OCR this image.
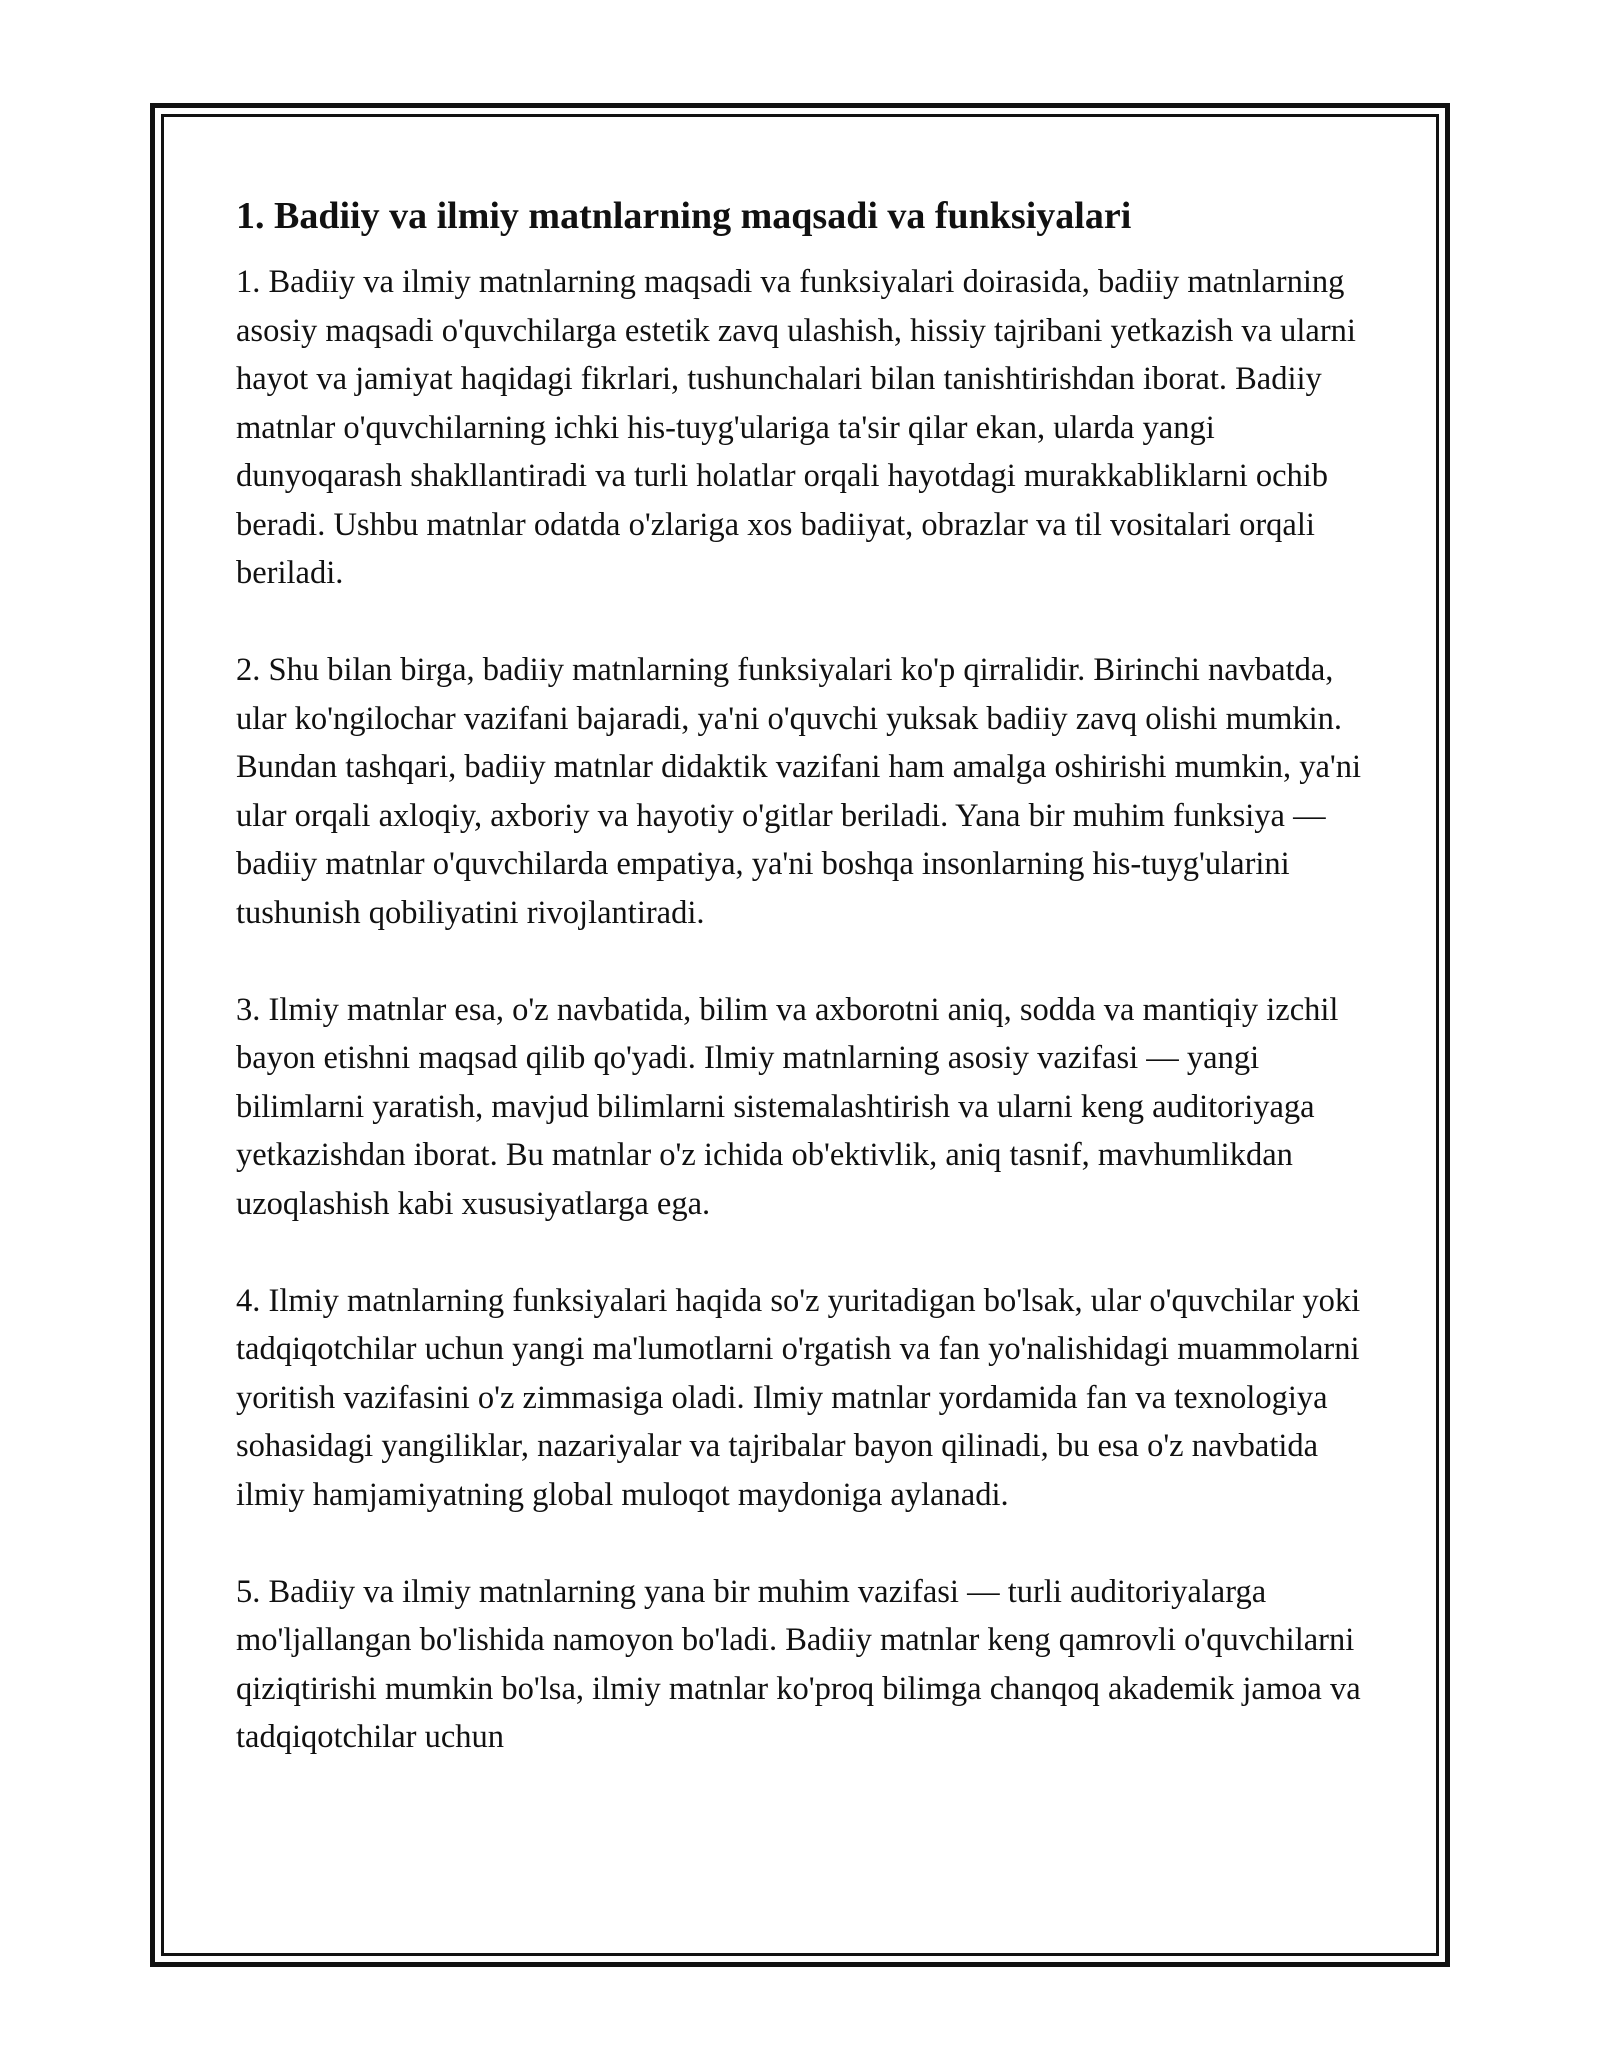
1. Badiiy va ilmiy matnlarning maqsadi va funksiyalari

1. Badiiy va ilmiy matnlarning maqsadi va funksiyalari doirasida, badiiy matnlarning asosiy maqsadi o'quvchilarga estetik zavq ulashish, hissiy tajribani yetkazish va ularni hayot va jamiyat haqidagi fikrlari, tushunchalari bilan tanishtirishdan iborat. Badiiy matnlar o'quvchilarning ichki his-tuyg'ulariga ta'sir qilar ekan, ularda yangi dunyoqarash shakllantiradi va turli holatlar orqali hayotdagi murakkabliklarni ochib beradi. Ushbu matnlar odatda o'zlariga xos badiiyat, obrazlar va til vositalari orqali beriladi.

2. Shu bilan birga, badiiy matnlarning funksiyalari ko'p qirralidir. Birinchi navbatda, ular ko'ngilochar vazifani bajaradi, ya'ni o'quvchi yuksak badiiy zavq olishi mumkin. Bundan tashqari, badiiy matnlar didaktik vazifani ham amalga oshirishi mumkin, ya'ni ular orqali axloqiy, axboriy va hayotiy o'gitlar beriladi. Yana bir muhim funksiya — badiiy matnlar o'quvchilarda empatiya, ya'ni boshqa insonlarning his-tuyg'ularini tushunish qobiliyatini rivojlantiradi.

3. Ilmiy matnlar esa, o'z navbatida, bilim va axborotni aniq, sodda va mantiqiy izchil bayon etishni maqsad qilib qo'yadi. Ilmiy matnlarning asosiy vazifasi — yangi bilimlarni yaratish, mavjud bilimlarni sistemalashtirish va ularni keng auditoriyaga yetkazishdan iborat. Bu matnlar o'z ichida ob'ektivlik, aniq tasnif, mavhumlikdan uzoqlashish kabi xususiyatlarga ega.

4. Ilmiy matnlarning funksiyalari haqida so'z yuritadigan bo'lsak, ular o'quvchilar yoki tadqiqotchilar uchun yangi ma'lumotlarni o'rgatish va fan yo'nalishidagi muammolarni yoritish vazifasini o'z zimmasiga oladi. Ilmiy matnlar yordamida fan va texnologiya sohasidagi yangiliklar, nazariyalar va tajribalar bayon qilinadi, bu esa o'z navbatida ilmiy hamjamiyatning global muloqot maydoniga aylanadi.

5. Badiiy va ilmiy matnlarning yana bir muhim vazifasi — turli auditoriyalarga mo'ljallangan bo'lishida namoyon bo'ladi. Badiiy matnlar keng qamrovli o'quvchilarni qiziqtirishi mumkin bo'lsa, ilmiy matnlar ko'proq bilimga chanqoq akademik jamoa va tadqiqotchilar uchun
